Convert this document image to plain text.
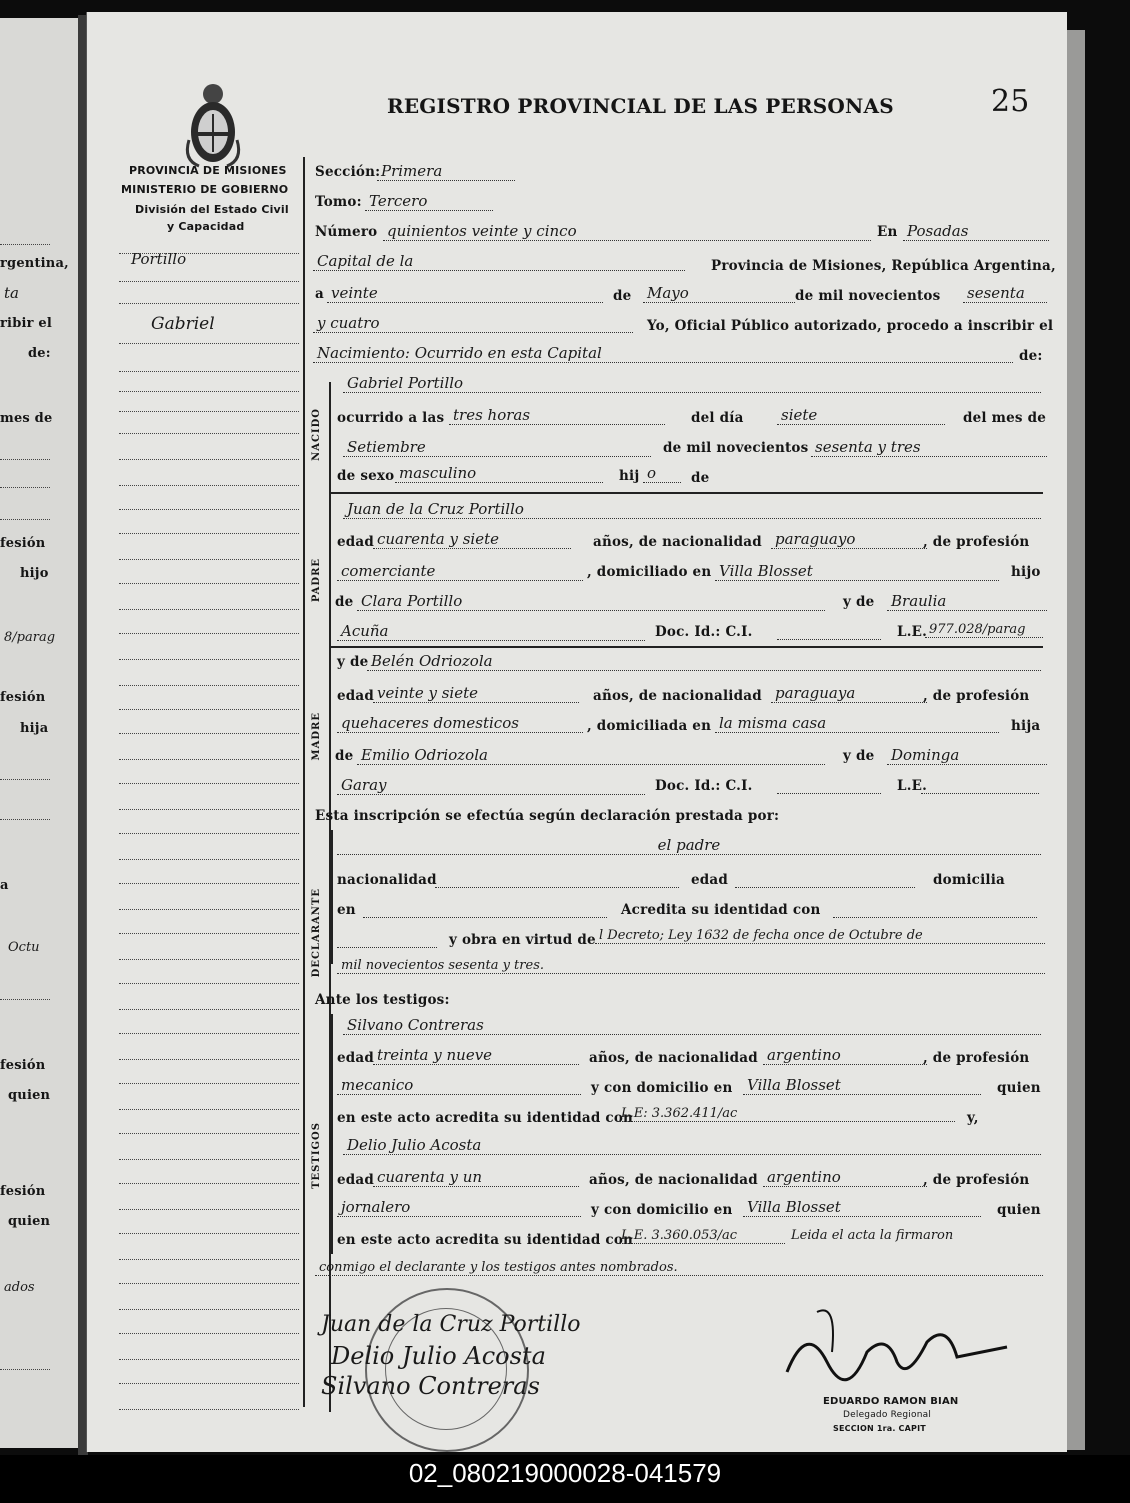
rgentina,
ta
ribir el
de:
mes de
fesión
hijo
8/parag
fesión
hija
a
Octu
fesión
quien
fesión
quien
ados
REGISTRO PROVINCIAL DE LAS PERSONAS	25
PROVINCIA DE MISIONES
MINISTERIO DE GOBIERNO
División del Estado Civil
y Capacidad
Portillo
Gabriel
Sección: Primera
Tomo: Tercero
Número quinientos veinte y cinco	En Posadas
Capital de la	Provincia de Misiones, República Argentina,
a veinte	de Mayo	de mil novecientos sesenta
y cuatro	Yo, Oficial Público autorizado, procedo a inscribir el
Nacimiento: Ocurrido en esta Capital	de:
NACIDO
Gabriel Portillo
ocurrido a las tres horas	del día siete	del mes de
Setiembre	de mil novecientos sesenta y tres
de sexo masculino	hij o	de
PADRE
Juan de la Cruz Portillo
edad cuarenta y siete	años, de nacionalidad paraguayo	, de profesión
comerciante	, domiciliado en Villa Blosset	hijo
de Clara Portillo	y de Braulia
Acuña	Doc. Id.: C.I.	L.E. 977.028/parag
MADRE
y de Belén Odriozola
edad veinte y siete	años, de nacionalidad paraguaya	, de profesión
quehaceres domesticos	, domiciliada en la misma casa	hija
de Emilio Odriozola	y de Dominga
Garay	Doc. Id.: C.I.	L.E.
Esta inscripción se efectúa según declaración prestada por:
DECLARANTE
el padre
nacionalidad	edad	domicilia
en	Acredita su identidad con
y obra en virtud de l Decreto; Ley 1632 de fecha once de Octubre de
mil novecientos sesenta y tres.
Ante los testigos:
TESTIGOS
Silvano Contreras
edad treinta y nueve	años, de nacionalidad argentino	, de profesión
mecanico	y con domicilio en Villa Blosset	quien
en este acto acredita su identidad con
L.E: 3.362.411/ac	y,
Delio Julio Acosta
edad cuarenta y un	años, de nacionalidad argentino	, de profesión
jornalero	y con domicilio en Villa Blosset	quien
en este acto acredita su identidad con
L.E. 3.360.053/ac	Leida el acta la firmaron
conmigo el declarante y los testigos antes nombrados.
Juan de la Cruz Portillo
Delio Julio Acosta
Silvano Contreras
EDUARDO RAMON BIAN
Delegado Regional
SECCION 1ra. CAPIT
02_080219000028-041579
